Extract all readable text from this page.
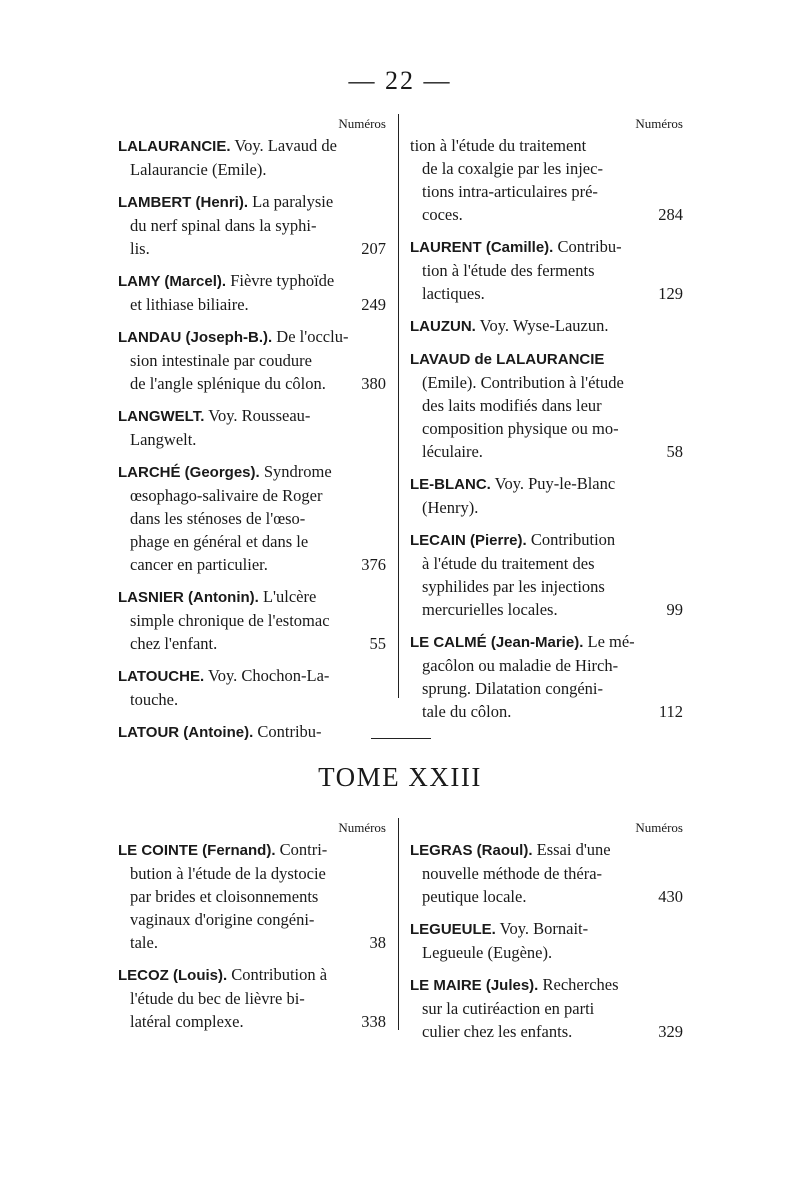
— 22 —
Numéros
LALAURANCIE. Voy. Lavaud de
Lalaurancie (Emile).
LAMBERT (Henri). La paralysie
du nerf spinal dans la syphi-
lis.	207
LAMY (Marcel). Fièvre typhoïde
et lithiase biliaire.	249
LANDAU (Joseph-B.). De l'occlu-
sion intestinale par coudure
de l'angle splénique du côlon. 380
LANGWELT. Voy. Rousseau-
Langwelt.
LARCHÉ (Georges). Syndrome
œsophago-salivaire de Roger
dans les sténoses de l'œso-
phage en général et dans le
cancer en particulier.	376
LASNIER (Antonin). L'ulcère
simple chronique de l'estomac
chez l'enfant.	55
LATOUCHE. Voy. Chochon-La-
touche.
LATOUR (Antoine). Contribu-
Numéros
tion à l'étude du traitement
de la coxalgie par les injec-
tions intra-articulaires pré-
coces.	284
LAURENT (Camille). Contribu-
tion à l'étude des ferments
lactiques.	129
LAUZUN. Voy. Wyse-Lauzun.
LAVAUD de LALAURANCIE
(Emile). Contribution à l'étude
des laits modifiés dans leur
composition physique ou mo-
léculaire.	58
LE-BLANC. Voy. Puy-le-Blanc
(Henry).
LECAIN (Pierre). Contribution
à l'étude du traitement des
syphilides par les injections
mercurielles locales.	99
LE CALMÉ (Jean-Marie). Le mé-
gacôlon ou maladie de Hirch-
sprung. Dilatation congéni-
tale du côlon.	112
TOME XXIII
Numéros
LE COINTE (Fernand). Contri-
bution à l'étude de la dystocie
par brides et cloisonnements
vaginaux d'origine congéni-
tale.	38
LECOZ (Louis). Contribution à
l'étude du bec de lièvre bi-
latéral complexe.	338
Numéros
LEGRAS (Raoul). Essai d'une
nouvelle méthode de théra-
peutique locale.	430
LEGUEULE. Voy. Bornait-
Legueule (Eugène).
LE MAIRE (Jules). Recherches
sur la cutiréaction en parti
culier chez les enfants.	329
